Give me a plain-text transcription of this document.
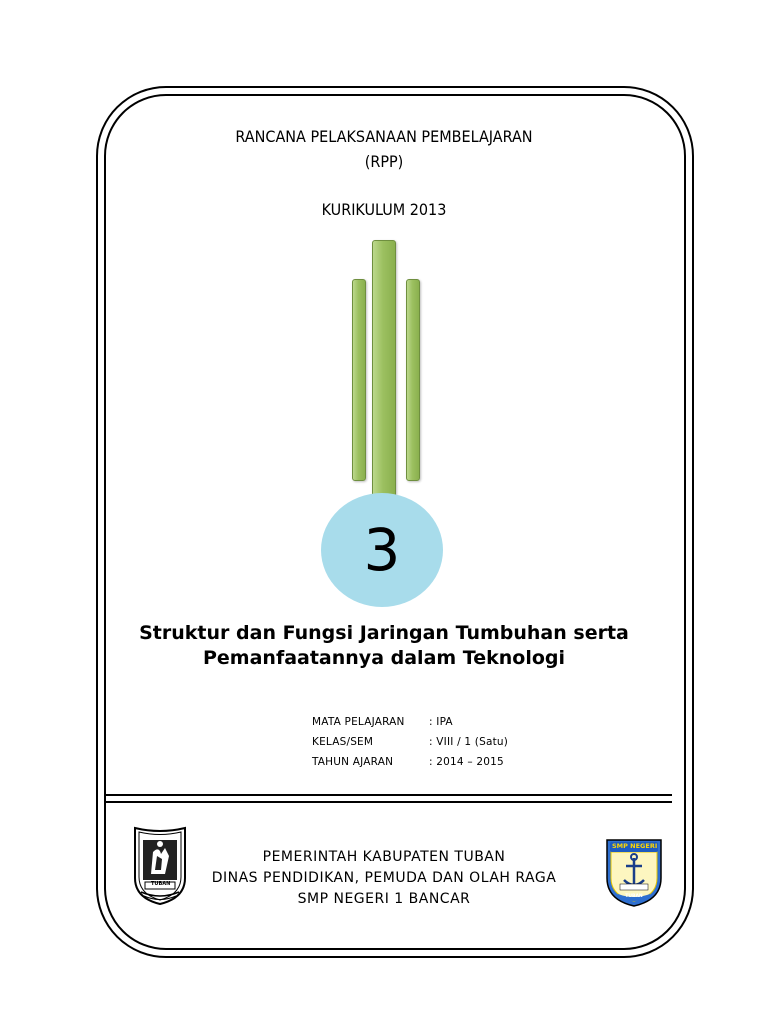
RANCANA PELAKSANAAN PEMBELAJARAN
(RPP)
KURIKULUM 2013
3
Struktur dan Fungsi Jaringan Tumbuhan serta
Pemanfaatannya dalam Teknologi
MATA PELAJARAN : IPA
KELAS/SEM	: VIII / 1 (Satu)
TAHUN AJARAN	: 2014 – 2015
TUBAN
SMP NEGERI
TUBAN
PEMERINTAH KABUPATEN TUBAN
DINAS PENDIDIKAN, PEMUDA DAN OLAH RAGA
SMP NEGERI 1 BANCAR
